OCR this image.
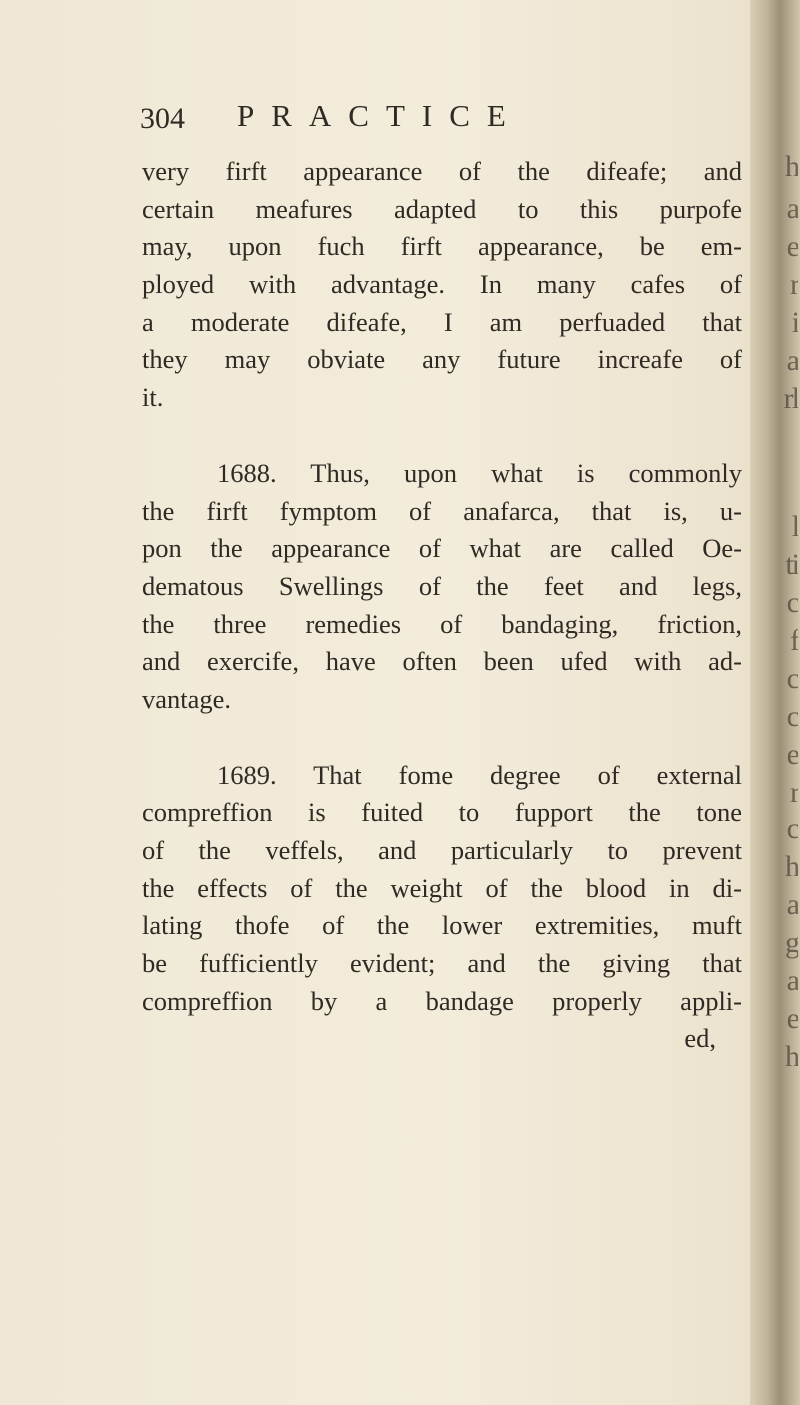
h
a
e
r
i
a
rl
l
ti
c
f
c
c
e
r
c
h
a
g
a
e
h
304 PRACTICE
very firft appearance of the difeafe; and
certain meafures adapted to this purpofe
may, upon fuch firft appearance, be em-
ployed with advantage. In many cafes of
a moderate difeafe, I am perfuaded that
they may obviate any future increafe of
it.
1688. Thus, upon what is commonly
the firft fymptom of anafarca, that is, u-
pon the appearance of what are called Oe-
dematous Swellings of the feet and legs,
the three remedies of bandaging, friction,
and exercife, have often been ufed with ad-
vantage.
1689. That fome degree of external
compreffion is fuited to fupport the tone
of the veffels, and particularly to prevent
the effects of the weight of the blood in di-
lating thofe of the lower extremities, muft
be fufficiently evident; and the giving that
compreffion by a bandage properly appli-
ed,
